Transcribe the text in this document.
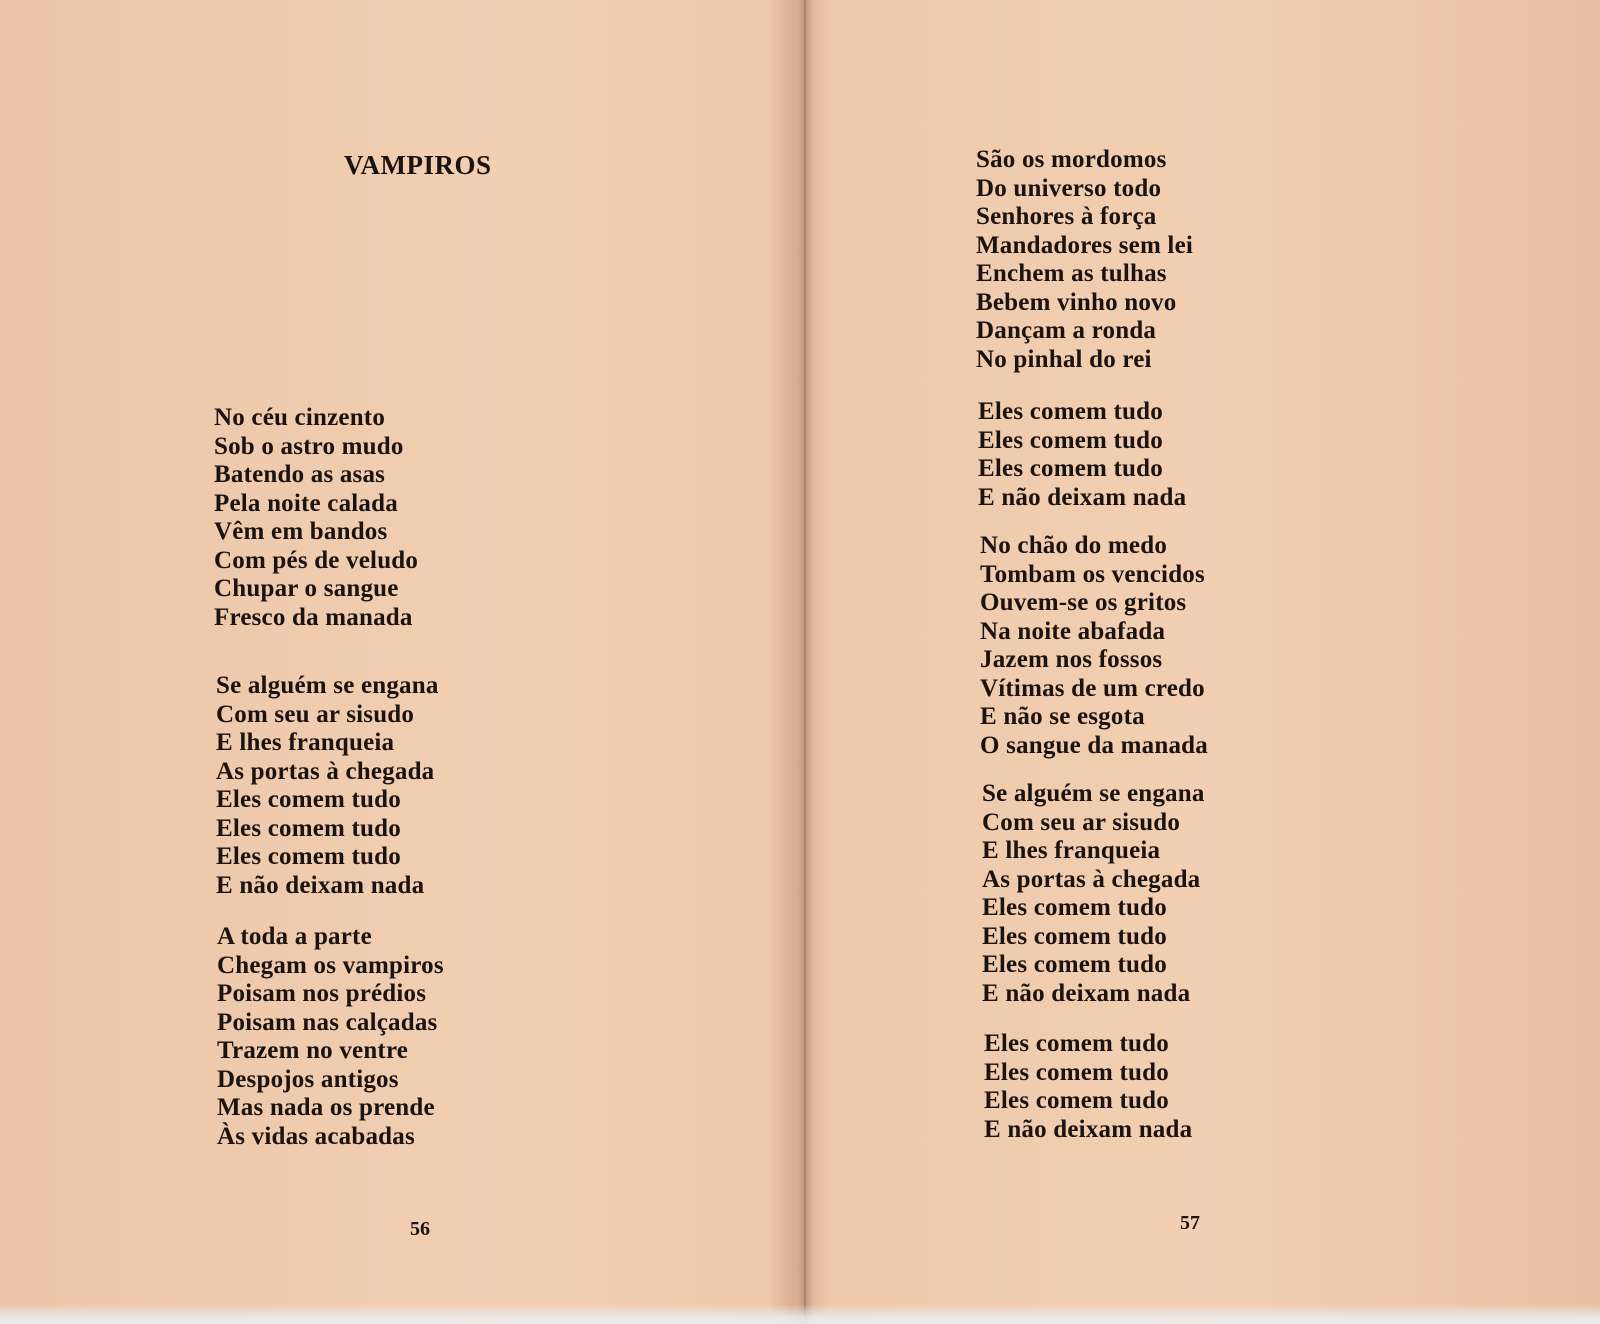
VAMPIROS
No céu cinzento
Sob o astro mudo
Batendo as asas
Pela noite calada
Vêm em bandos
Com pés de veludo
Chupar o sangue
Fresco da manada
Se alguém se engana
Com seu ar sisudo
E lhes franqueia
As portas à chegada
Eles comem tudo
Eles comem tudo
Eles comem tudo
E não deixam nada
A toda a parte
Chegam os vampiros
Poisam nos prédios
Poisam nas calçadas
Trazem no ventre
Despojos antigos
Mas nada os prende
Às vidas acabadas
56
São os mordomos
Do universo todo
Senhores à força
Mandadores sem lei
Enchem as tulhas
Bebem vinho novo
Dançam a ronda
No pinhal do rei
Eles comem tudo
Eles comem tudo
Eles comem tudo
E não deixam nada
No chão do medo
Tombam os vencidos
Ouvem-se os gritos
Na noite abafada
Jazem nos fossos
Vítimas de um credo
E não se esgota
O sangue da manada
Se alguém se engana
Com seu ar sisudo
E lhes franqueia
As portas à chegada
Eles comem tudo
Eles comem tudo
Eles comem tudo
E não deixam nada
Eles comem tudo
Eles comem tudo
Eles comem tudo
E não deixam nada
57
